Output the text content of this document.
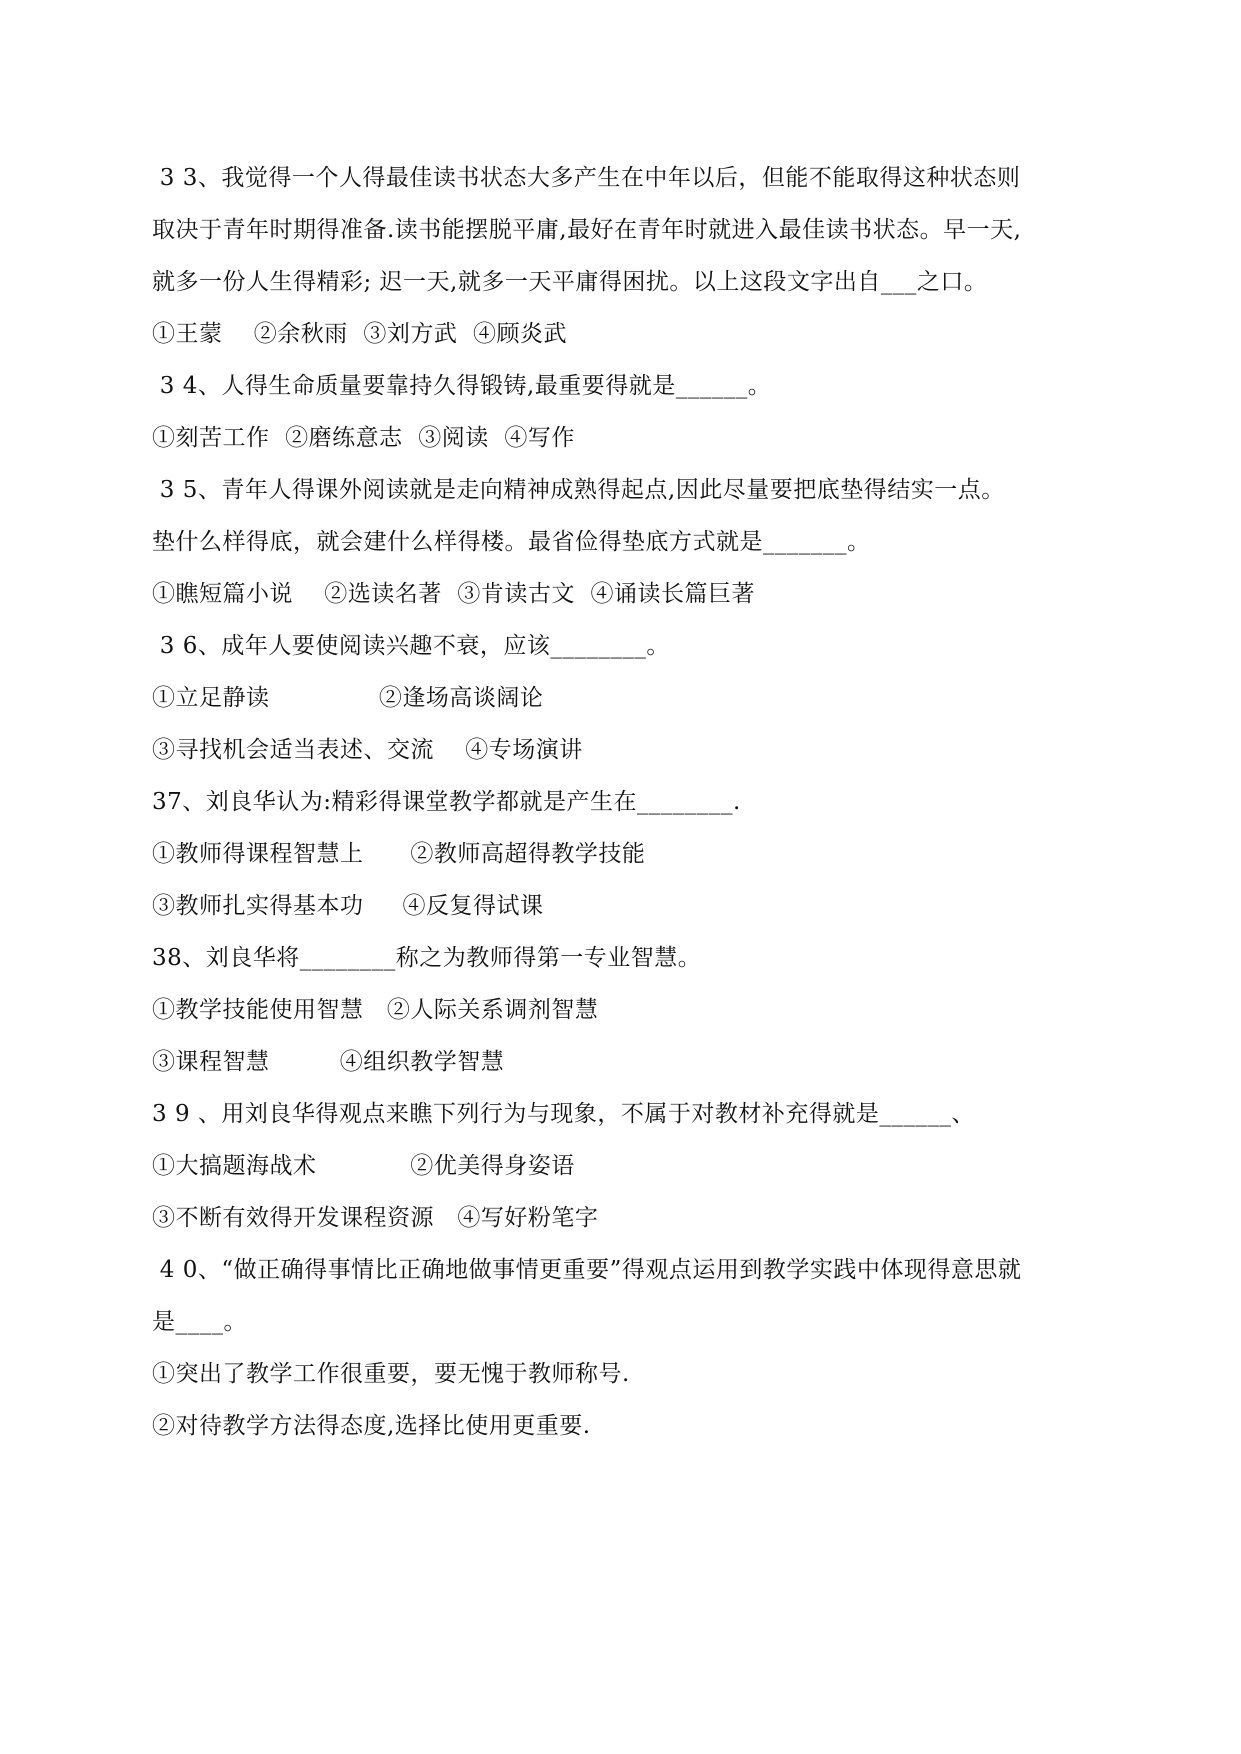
3 3、我觉得一个人得最佳读书状态大多产生在中年以后，但能不能取得这种状态则
取决于青年时期得准备.读书能摆脱平庸,最好在青年时就进入最佳读书状态。早一天,
就多一份人生得精彩; 迟一天,就多一天平庸得困扰。以上这段文字出自___之口。
①王蒙    ②余秋雨  ③刘方武  ④顾炎武
3 4、人得生命质量要靠持久得锻铸,最重要得就是______。
①刻苦工作  ②磨练意志  ③阅读  ④写作
3 5、青年人得课外阅读就是走向精神成熟得起点,因此尽量要把底垫得结实一点。
垫什么样得底，就会建什么样得楼。最省俭得垫底方式就是_______。
①瞧短篇小说    ②选读名著  ③肯读古文  ④诵读长篇巨著
3 6、成年人要使阅读兴趣不衰，应该________。
①立足静读              ②逢场高谈阔论
③寻找机会适当表述、交流    ④专场演讲
37、刘良华认为:精彩得课堂教学都就是产生在________.
①教师得课程智慧上      ②教师高超得教学技能
③教师扎实得基本功     ④反复得试课
38、刘良华将________称之为教师得第一专业智慧。
①教学技能使用智慧   ②人际关系调剂智慧
③课程智慧         ④组织教学智慧
3 9 、用刘良华得观点来瞧下列行为与现象，不属于对教材补充得就是______、
①大搞题海战术            ②优美得身姿语
③不断有效得开发课程资源   ④写好粉笔字
4 0、“做正确得事情比正确地做事情更重要”得观点运用到教学实践中体现得意思就
是____。
①突出了教学工作很重要，要无愧于教师称号.
②对待教学方法得态度,选择比使用更重要.
